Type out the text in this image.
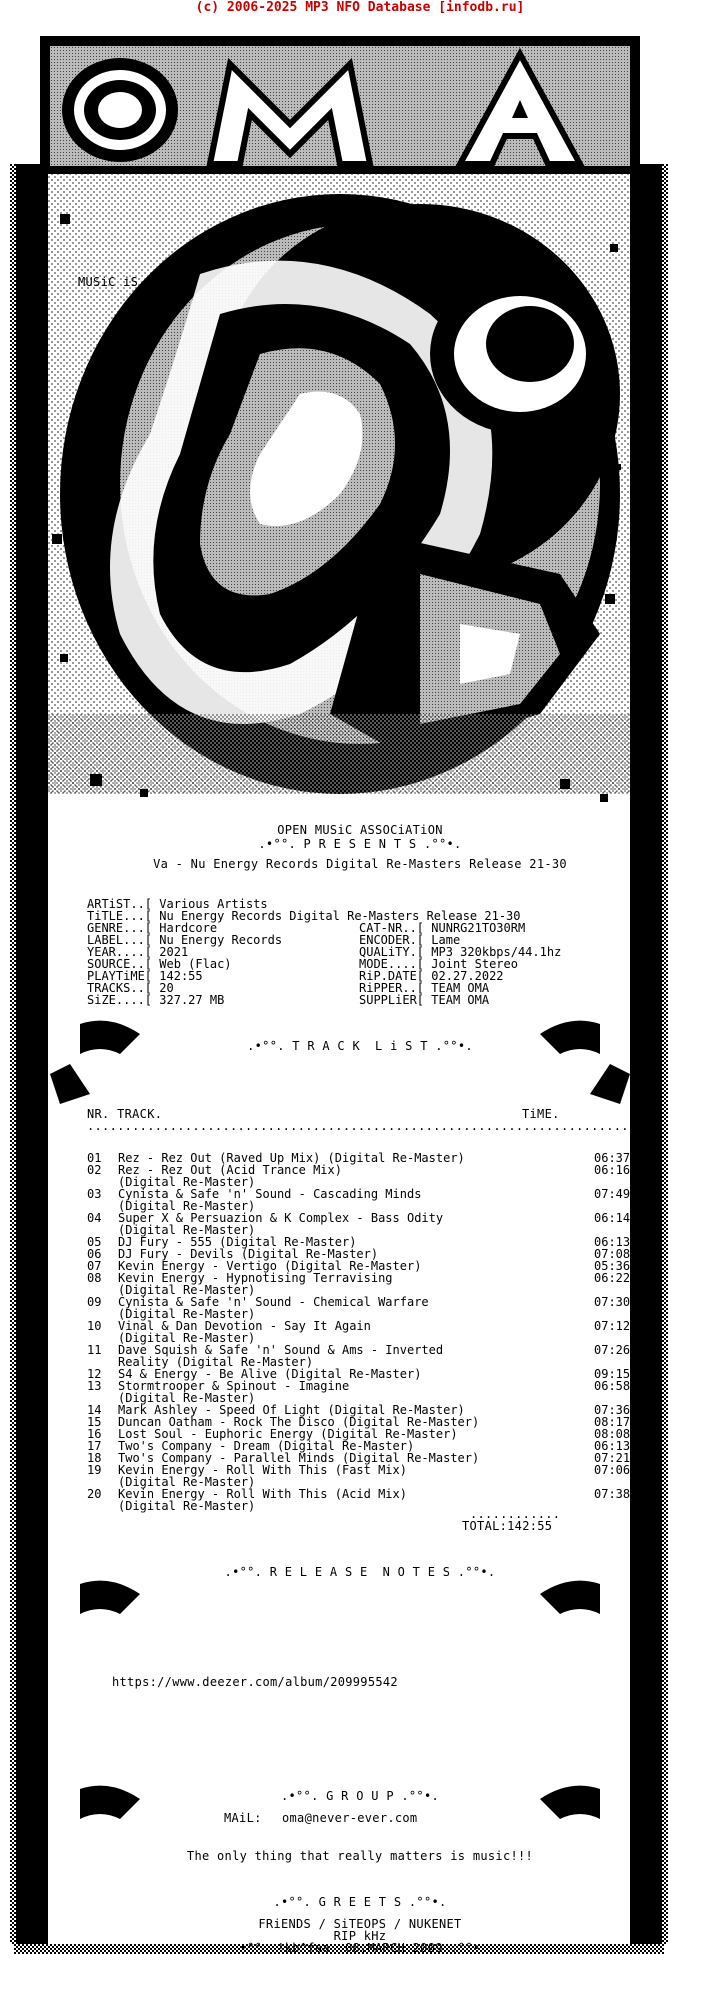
(c) 2006-2025 MP3 NFO Database [infodb.ru]
MUSiC iS LiFE!!!
OPEN MUSiC ASSOCiATiON
.•°°. P R E S E N T S .°°•.
Va - Nu Energy Records Digital Re-Masters Release 21-30
ARTiST..[ Various Artists
TiTLE...[ Nu Energy Records Digital Re-Masters Release 21-30
GENRE...[ Hardcore
LABEL...[ Nu Energy Records
YEAR....[ 2021
SOURCE..[ Web (Flac)
PLAYTiME[ 142:55
TRACKS..[ 20
SiZE....[ 327.27 MB
CAT-NR..[ NUNRG21TO30RM
ENCODER.[ Lame
QUALiTY.[ MP3 320kbps/44.1hz
MODE....[ Joint Stereo
RiP.DATE[ 02.27.2022
RiPPER..[ TEAM OMA
SUPPLiER[ TEAM OMA
.•°°. T R A C K  L i S T .°°•.
NR. TRACK.	TiME.
.........................................................................
01 Rez - Rez Out (Raved Up Mix) (Digital Re-Master)	06:37
02 Rez - Rez Out (Acid Trance Mix)	06:16
(Digital Re-Master)
03 Cynista & Safe 'n' Sound - Cascading Minds	07:49
(Digital Re-Master)
04 Super X & Persuazion & K Complex - Bass Odity	06:14
(Digital Re-Master)
05 DJ Fury - 555 (Digital Re-Master)	06:13
06 DJ Fury - Devils (Digital Re-Master)	07:08
07 Kevin Energy - Vertigo (Digital Re-Master)	05:36
08 Kevin Energy - Hypnotising Terravising	06:22
(Digital Re-Master)
09 Cynista & Safe 'n' Sound - Chemical Warfare	07:30
(Digital Re-Master)
10 Vinal & Dan Devotion - Say It Again	07:12
(Digital Re-Master)
11 Dave Squish & Safe 'n' Sound & Ams - Inverted	07:26
Reality (Digital Re-Master)
12 S4 & Energy - Be Alive (Digital Re-Master)	09:15
13 Stormtrooper & Spinout - Imagine	06:58
(Digital Re-Master)
14 Mark Ashley - Speed Of Light (Digital Re-Master)	07:36
15 Duncan Oatham - Rock The Disco (Digital Re-Master)	08:17
16 Lost Soul - Euphoric Energy (Digital Re-Master)	08:08
17 Two's Company - Dream (Digital Re-Master)	06:13
18 Two's Company - Parallel Minds (Digital Re-Master)	07:21
19 Kevin Energy - Roll With This (Fast Mix)	07:06
(Digital Re-Master)
20 Kevin Energy - Roll With This (Acid Mix)	07:38
(Digital Re-Master)
............
TOTAL:142:55
.•°°. R E L E A S E  N O T E S .°°•.
https://www.deezer.com/album/209995542
.•°°. G R O U P .°°•.
MAiL: oma@never-ever.com
The only thing that really matters is music!!!
.•°°. G R E E T S .°°•.
FRiENDS / SiTEOPS / NUKENET
RIP kHz
•°°. !kb^faa  08.MARCH 2009 .°°•
